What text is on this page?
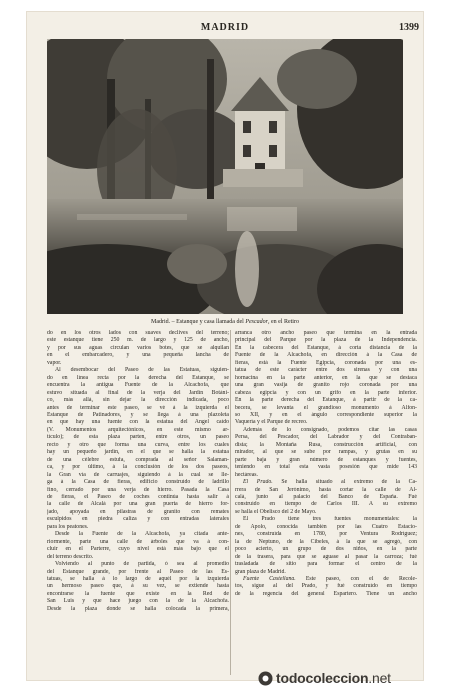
MADRID	1399
Madrid. – Estanque y casa llamada del Pescador, en el Retiro

do en los otros lados con suaves declives del terreno;
este estanque tiene 250 m. de largo y 125 de ancho,
y por sus aguas circulan varios botes, que se alquilan
en el embarcadero, y una pequeña lancha de
vapor.
Al desembocar del Paseo de las Estatuas, siguien-
do en línea recta por la derecha del Estanque, se
encuentra la antigua Fuente de la Alcachofa, que
estuvo situada al final de la verja del Jardín Botáni-
co, más allá, sin dejar la dirección indicada, poco
antes de terminar este paseo, se vé á la izquierda el
Estanque de Patinadores, y se llega á una plazoleta
en que hay una fuente con la estatua del Angel caído
(V. Monumentos arquitectónicos, en este mismo ar-
tículo); de esta plaza parten, entre otros, un paseo
recto y otro que forma una curva, entre los cuales
hay un pequeño jardín, en el que se halla la estatua
de una célebre estufa, comprada al señor Salaman-
ca, y por último, á la conclusión de los dos paseos,
la Gran vía de carruajes, siguiendo á la cual se lle-
ga á la Casa de fieras, edificio construído de ladrillo
fino, cerrado por una verja de hierro. Pasada la Casa
de fieras, el Paseo de coches continúa hasta salir á
la calle de Alcalá por una gran puerta de hierro for-
jado, apoyada en pilastras de granito con remates
esculpidos en piedra caliza y con entradas laterales
para los peatones.
Desde la Fuente de la Alcachofa, ya citada ante-
riormente, parte una calle de árboles que va á con-
cluir en el Parterre, cuyo nivel está más bajo que el
del terreno descrito.
Volviendo al punto de partida, ó sea al promedio
del Estanque grande, por frente al Paseo de las Es-
tatuas, se halla á lo largo de aquél por la izquierda
un hermoso paseo que, á su vez, se extiende hasta
encontrarse la fuente que existe en la Red de
San Luis y que hace juego con la de la Alcachofa.
Desde la plaza donde se halla colocada la primera,

arranca otro ancho paseo que termina en la entrada
principal del Parque por la plaza de la Independencia.
En la cabecera del Estanque, á corta distancia de la
Fuente de la Alcachofa, en dirección á la Casa de
fieras, está la Fuente Egipcia, coronada por una es-
tatua de este carácter entre dos sirenas y con una
hornacina en la parte anterior, en la que se destaca
una gran vasija de granito rojo coronada por una
cabeza egipcia y con un grifo en la parte inferior.
En la parte derecha del Estanque, á partir de la ca-
becera, se levanta el grandioso monumento á Alfon-
so XII, y en el ángulo correspondiente superior la
Vaquería y el Parque de recreo.
Además de lo consignado, podemos citar las casas
Persa, del Pescador, del Labrador y del Contraban-
dista; la Montaña Rusa, construcción artificial, con
mirador, al que se sube por rampas, y grutas en su
parte baja y gran número de estanques y fuentes,
teniendo en total esta vasta posesión que mide 143
hectáreas.
El Prado. Se halla situado al extremo de la Ca-
rrera de San Jerónimo, hasta cortar la calle de Al-
calá, junto al palacio del Banco de España. Fué
construído en tiempo de Carlos III. A su extremo
se halla el Obelisco del 2 de Mayo.
El Prado tiene tres fuentes monumentales: la
de Apolo, conocida también por las Cuatro Estacio-
nes, construída en 1780, por Ventura Rodríguez;
la de Neptuno, de la Cibeles, á la que se agregó, con
poco acierto, un grupo de dos niños, en la parte
de la trasera, para que se aguase al pasar la carroza; fué
trasladada de sitio para formar el centro de la
gran plaza de Madrid.
Fuente Castellana. Este paseo, con el de Recole-
tos, sigue al del Prado, y fué construído en tiempo
de la regencia del general Espartero. Tiene un ancho

todocoleccion.net
